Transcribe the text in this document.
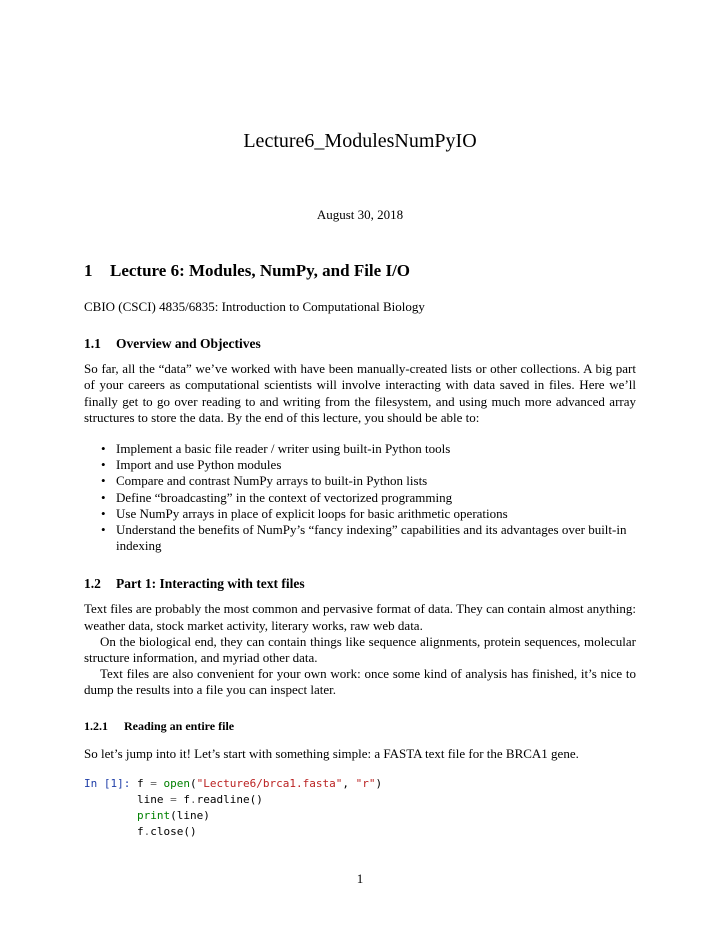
Lecture6_ModulesNumPyIO
August 30, 2018
1	Lecture 6: Modules, NumPy, and File I/O

CBIO (CSCI) 4835/6835: Introduction to Computational Biology

1.1	Overview and Objectives

So far, all the “data” we’ve worked with have been manually-created lists or other collections. A big part of your careers as computational scientists will involve interacting with data saved in files. Here we’ll finally get to go over reading to and writing from the filesystem, and using much more advanced array structures to store the data. By the end of this lecture, you should be able to:

• Implement a basic file reader / writer using built-in Python tools
• Import and use Python modules
• Compare and contrast NumPy arrays to built-in Python lists
• Define “broadcasting” in the context of vectorized programming
• Use NumPy arrays in place of explicit loops for basic arithmetic operations
• Understand the benefits of NumPy’s “fancy indexing” capabilities and its advantages over built-in indexing
1.2	Part 1: Interacting with text files

Text files are probably the most common and pervasive format of data. They can contain almost anything: weather data, stock market activity, literary works, raw web data.

On the biological end, they can contain things like sequence alignments, protein sequences, molecular structure information, and myriad other data.

Text files are also convenient for your own work: once some kind of analysis has finished, it’s nice to dump the results into a file you can inspect later.

1.2.1	Reading an entire file

So let’s jump into it! Let’s start with something simple: a FASTA text file for the BRCA1 gene.

In [1]: f = open("Lecture6/brca1.fasta", "r")
line = f.readline()
print(line)
f.close()
1
